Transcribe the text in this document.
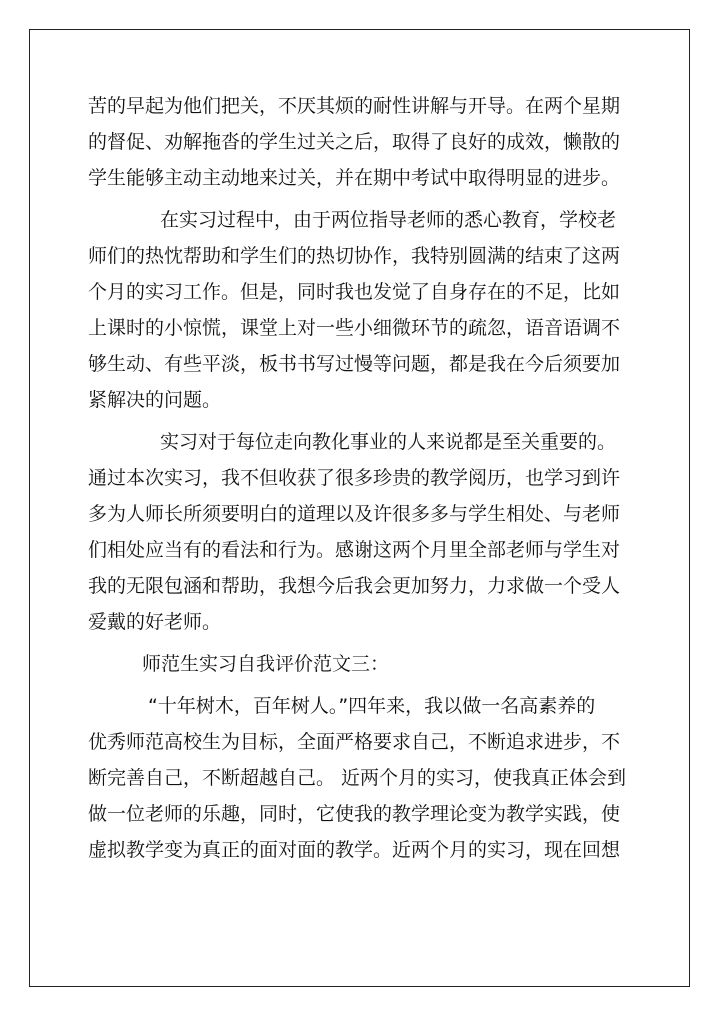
苦的早起为他们把关，不厌其烦的耐性讲解与开导。在两个星期
的督促、劝解拖沓的学生过关之后，取得了良好的成效，懒散的
学生能够主动主动地来过关，并在期中考试中取得明显的进步。
在实习过程中，由于两位指导老师的悉心教育，学校老
师们的热忱帮助和学生们的热切协作，我特别圆满的结束了这两
个月的实习工作。但是，同时我也发觉了自身存在的不足，比如
上课时的小惊慌，课堂上对一些小细微环节的疏忽，语音语调不
够生动、有些平淡，板书书写过慢等问题，都是我在今后须要加
紧解决的问题。
实习对于每位走向教化事业的人来说都是至关重要的。
通过本次实习，我不但收获了很多珍贵的教学阅历，也学习到许
多为人师长所须要明白的道理以及许很多多与学生相处、与老师
们相处应当有的看法和行为。感谢这两个月里全部老师与学生对
我的无限包涵和帮助，我想今后我会更加努力，力求做一个受人
爱戴的好老师。
师范生实习自我评价范文三：
“十年树木，百年树人。”四年来，我以做一名高素养的
优秀师范高校生为目标，全面严格要求自己，不断追求进步，不
断完善自己，不断超越自己。 近两个月的实习，使我真正体会到
做一位老师的乐趣，同时，它使我的教学理论变为教学实践，使
虚拟教学变为真正的面对面的教学。近两个月的实习，现在回想
